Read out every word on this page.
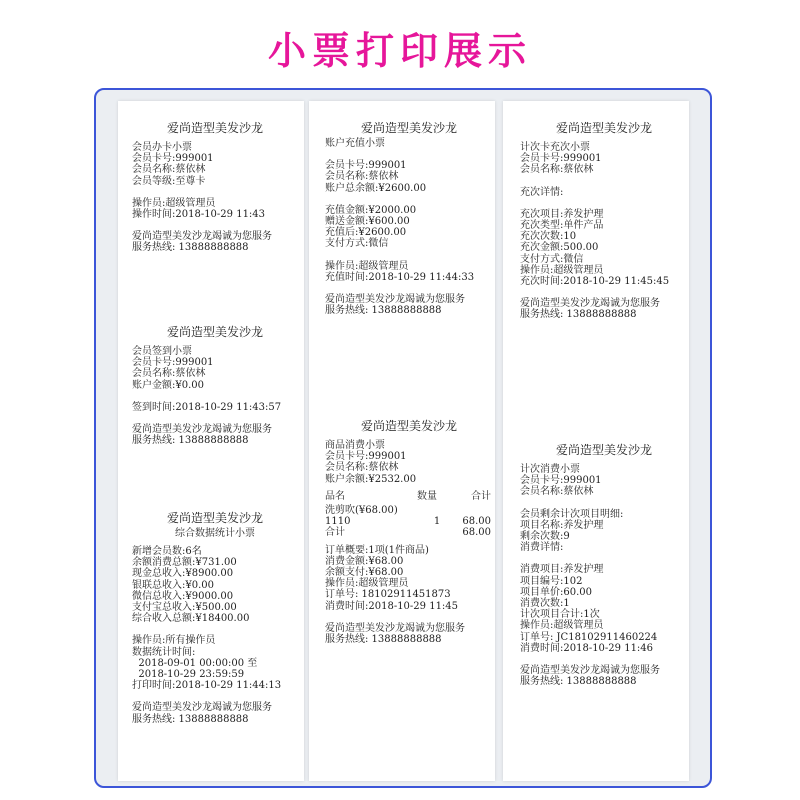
小票打印展示
爱尚造型美发沙龙
会员办卡小票
会员卡号:999001
会员名称:蔡依林
会员等级:至尊卡
操作员:超级管理员
操作时间:2018-10-29 11:43
爱尚造型美发沙龙竭诚为您服务
服务热线: 13888888888
爱尚造型美发沙龙
会员签到小票
会员卡号:999001
会员名称:蔡依林
账户金额:¥0.00
签到时间:2018-10-29 11:43:57
爱尚造型美发沙龙竭诚为您服务
服务热线: 13888888888
爱尚造型美发沙龙
综合数据统计小票
新增会员数:6名
余额消费总额:¥731.00
现金总收入:¥8900.00
银联总收入:¥0.00
微信总收入:¥9000.00
支付宝总收入:¥500.00
综合收入总额:¥18400.00
操作员:所有操作员
数据统计时间:
2018-09-01 00:00:00 至
2018-10-29 23:59:59
打印时间:2018-10-29 11:44:13
爱尚造型美发沙龙竭诚为您服务
服务热线: 13888888888
爱尚造型美发沙龙
账户充值小票
会员卡号:999001
会员名称:蔡依林
账户总余额:¥2600.00
充值金额:¥2000.00
赠送金额:¥600.00
充值后:¥2600.00
支付方式:微信
操作员:超级管理员
充值时间:2018-10-29 11:44:33
爱尚造型美发沙龙竭诚为您服务
服务热线: 13888888888
爱尚造型美发沙龙
商品消费小票
会员卡号:999001
会员名称:蔡依林
账户余额:¥2532.00
品名	数量	合计
洗剪吹(¥68.00)		
1110	1	68.00
合计		68.00
订单概要:1项(1件商品)
消费金额:¥68.00
余额支付:¥68.00
操作员:超级管理员
订单号: 18102911451873
消费时间:2018-10-29 11:45
爱尚造型美发沙龙竭诚为您服务
服务热线: 13888888888
爱尚造型美发沙龙
计次卡充次小票
会员卡号:999001
会员名称:蔡依林
充次详情:
充次项目:养发护理
充次类型:单件产品
充次次数:10
充次金额:500.00
支付方式:微信
操作员:超级管理员
充次时间:2018-10-29 11:45:45
爱尚造型美发沙龙竭诚为您服务
服务热线: 13888888888
爱尚造型美发沙龙
计次消费小票
会员卡号:999001
会员名称:蔡依林
会员剩余计次项目明细:
项目名称:养发护理
剩余次数:9
消费详情:
消费项目:养发护理
项目编号:102
项目单价:60.00
消费次数:1
计次项目合计:1次
操作员:超级管理员
订单号: JC18102911460224
消费时间:2018-10-29 11:46
爱尚造型美发沙龙竭诚为您服务
服务热线: 13888888888
